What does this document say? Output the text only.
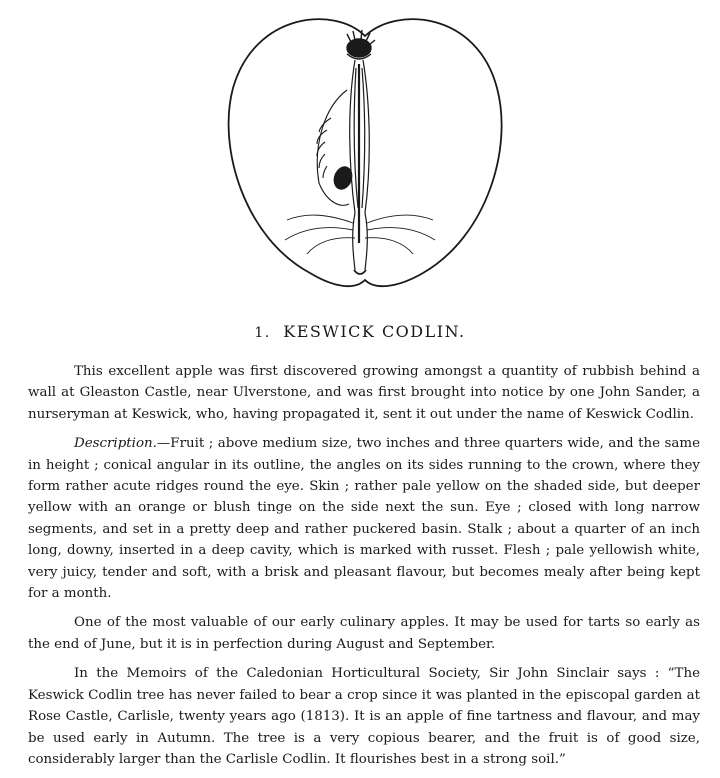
1. KESWICK CODLIN.

This excellent apple was first discovered growing amongst a quantity of rubbish behind a wall at Gleaston Castle, near Ulverstone, and was first brought into notice by one John Sander, a nurseryman at Keswick, who, having propagated it, sent it out under the name of Keswick Codlin.

Description.—Fruit ; above medium size, two inches and three quarters wide, and the same in height ; conical angular in its outline, the angles on its sides running to the crown, where they form rather acute ridges round the eye. Skin ; rather pale yellow on the shaded side, but deeper yellow with an orange or blush tinge on the side next the sun. Eye ; closed with long narrow segments, and set in a pretty deep and rather puckered basin. Stalk ; about a quarter of an inch long, downy, inserted in a deep cavity, which is marked with russet. Flesh ; pale yellowish white, very juicy, tender and soft, with a brisk and pleasant flavour, but becomes mealy after being kept for a month.

One of the most valuable of our early culinary apples. It may be used for tarts so early as the end of June, but it is in perfection during August and September.

In the Memoirs of the Caledonian Horticultural Society, Sir John Sinclair says : “The Keswick Codlin tree has never failed to bear a crop since it was planted in the episcopal garden at Rose Castle, Carlisle, twenty years ago (1813). It is an apple of fine tartness and flavour, and may be used early in Autumn. The tree is a very copious bearer, and the fruit is of good size, considerably larger than the Carlisle Codlin. It flourishes best in a strong soil.”
